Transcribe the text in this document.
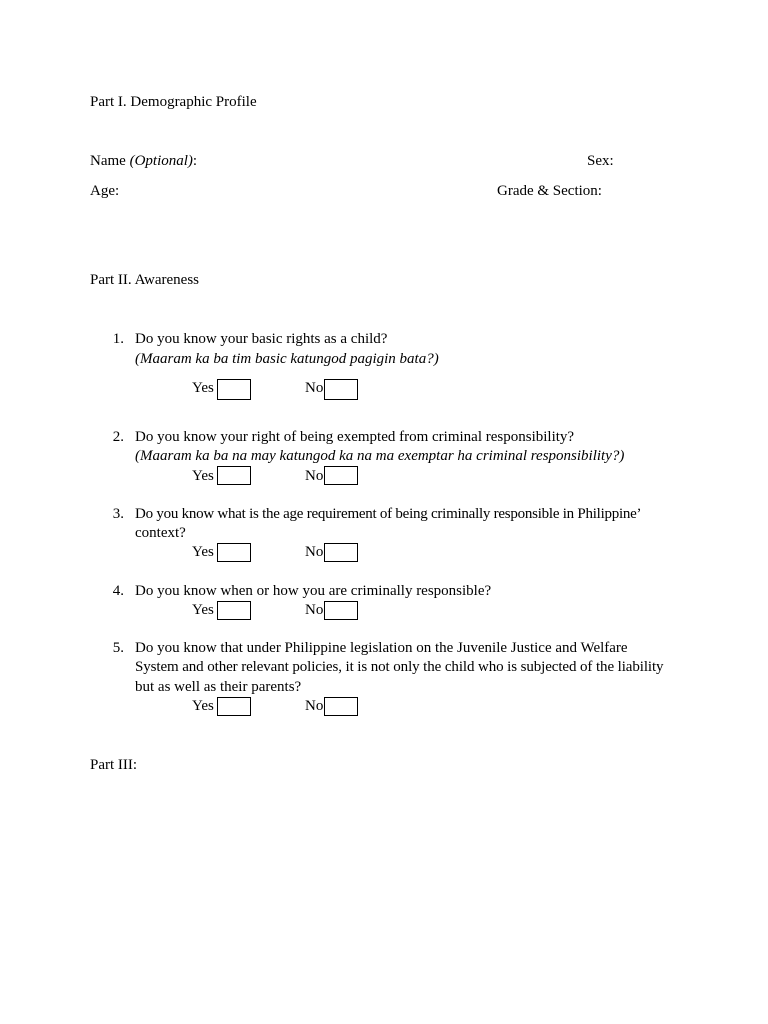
Part I. Demographic Profile
Name (Optional):	Sex:
Age:	Grade & Section:
Part II. Awareness
1. Do you know your basic rights as a child?
(Maaram ka ba tim basic katungod pagigin bata?)
Yes	No
2. Do you know your right of being exempted from criminal responsibility?
(Maaram ka ba na may katungod ka na ma exemptar ha criminal responsibility?)
Yes	No
3. Do you know what is the age requirement of being criminally responsible in Philippine’
context?
Yes	No
4. Do you know when or how you are criminally responsible?
Yes	No
5. Do you know that under Philippine legislation on the Juvenile Justice and Welfare
System and other relevant policies, it is not only the child who is subjected of the liability
but as well as their parents?
Yes	No
Part III:
